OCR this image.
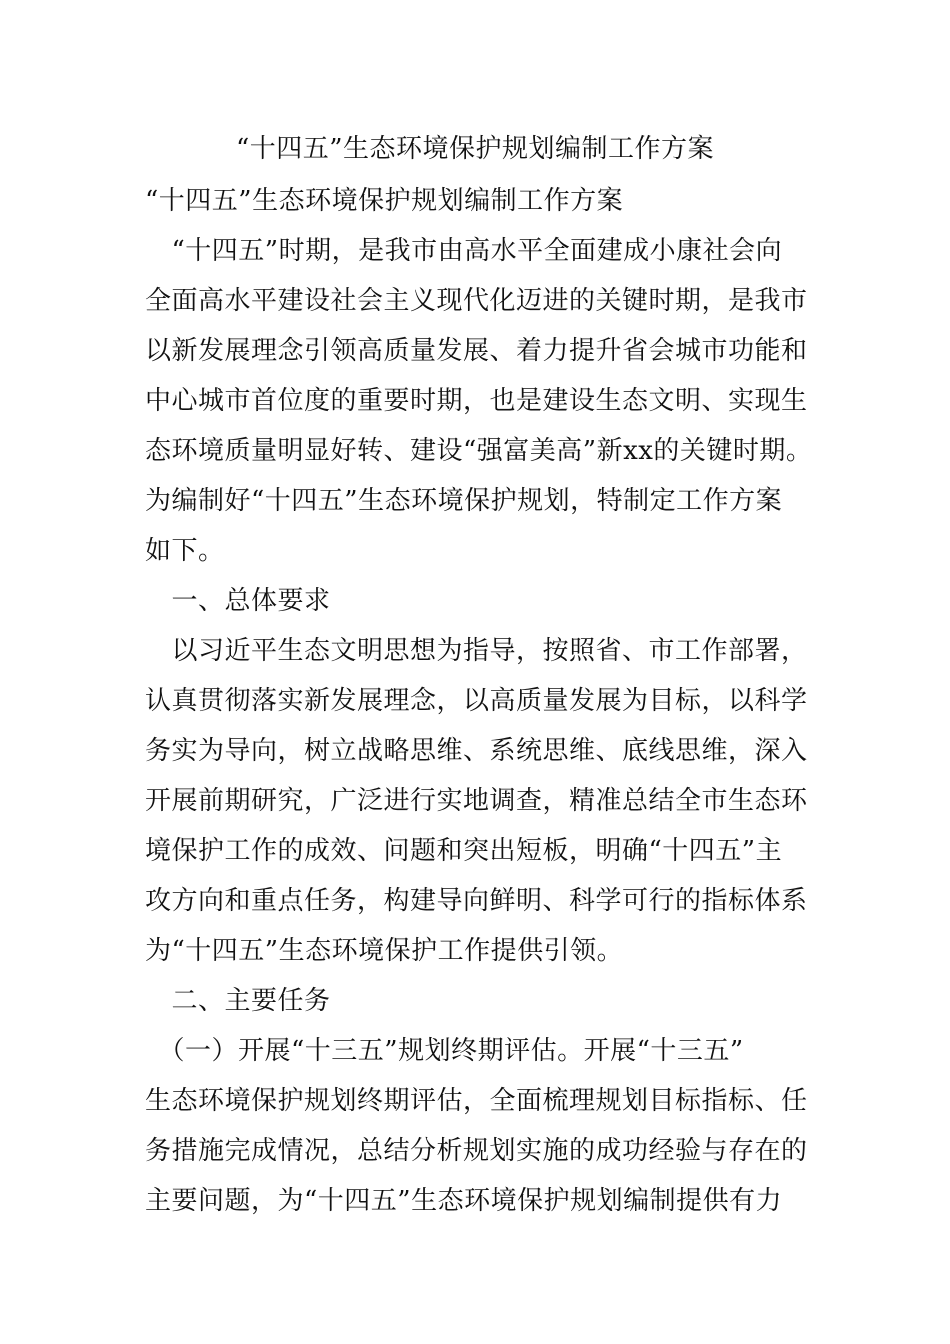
“十四五”生态环境保护规划编制工作方案
“十四五”生态环境保护规划编制工作方案
　“十四五”时期，是我市由高水平全面建成小康社会向
全面高水平建设社会主义现代化迈进的关键时期，是我市
以新发展理念引领高质量发展、着力提升省会城市功能和
中心城市首位度的重要时期，也是建设生态文明、实现生
态环境质量明显好转、建设“强富美高”新xx的关键时期。
为编制好“十四五”生态环境保护规划，特制定工作方案
如下。
　一、总体要求
　以习近平生态文明思想为指导，按照省、市工作部署，
认真贯彻落实新发展理念，以高质量发展为目标，以科学
务实为导向，树立战略思维、系统思维、底线思维，深入
开展前期研究，广泛进行实地调查，精准总结全市生态环
境保护工作的成效、问题和突出短板，明确“十四五”主
攻方向和重点任务，构建导向鲜明、科学可行的指标体系
为“十四五”生态环境保护工作提供引领。
　二、主要任务
　（一）开展“十三五”规划终期评估。开展“十三五”
生态环境保护规划终期评估，全面梳理规划目标指标、任
务措施完成情况，总结分析规划实施的成功经验与存在的
主要问题，为“十四五”生态环境保护规划编制提供有力
